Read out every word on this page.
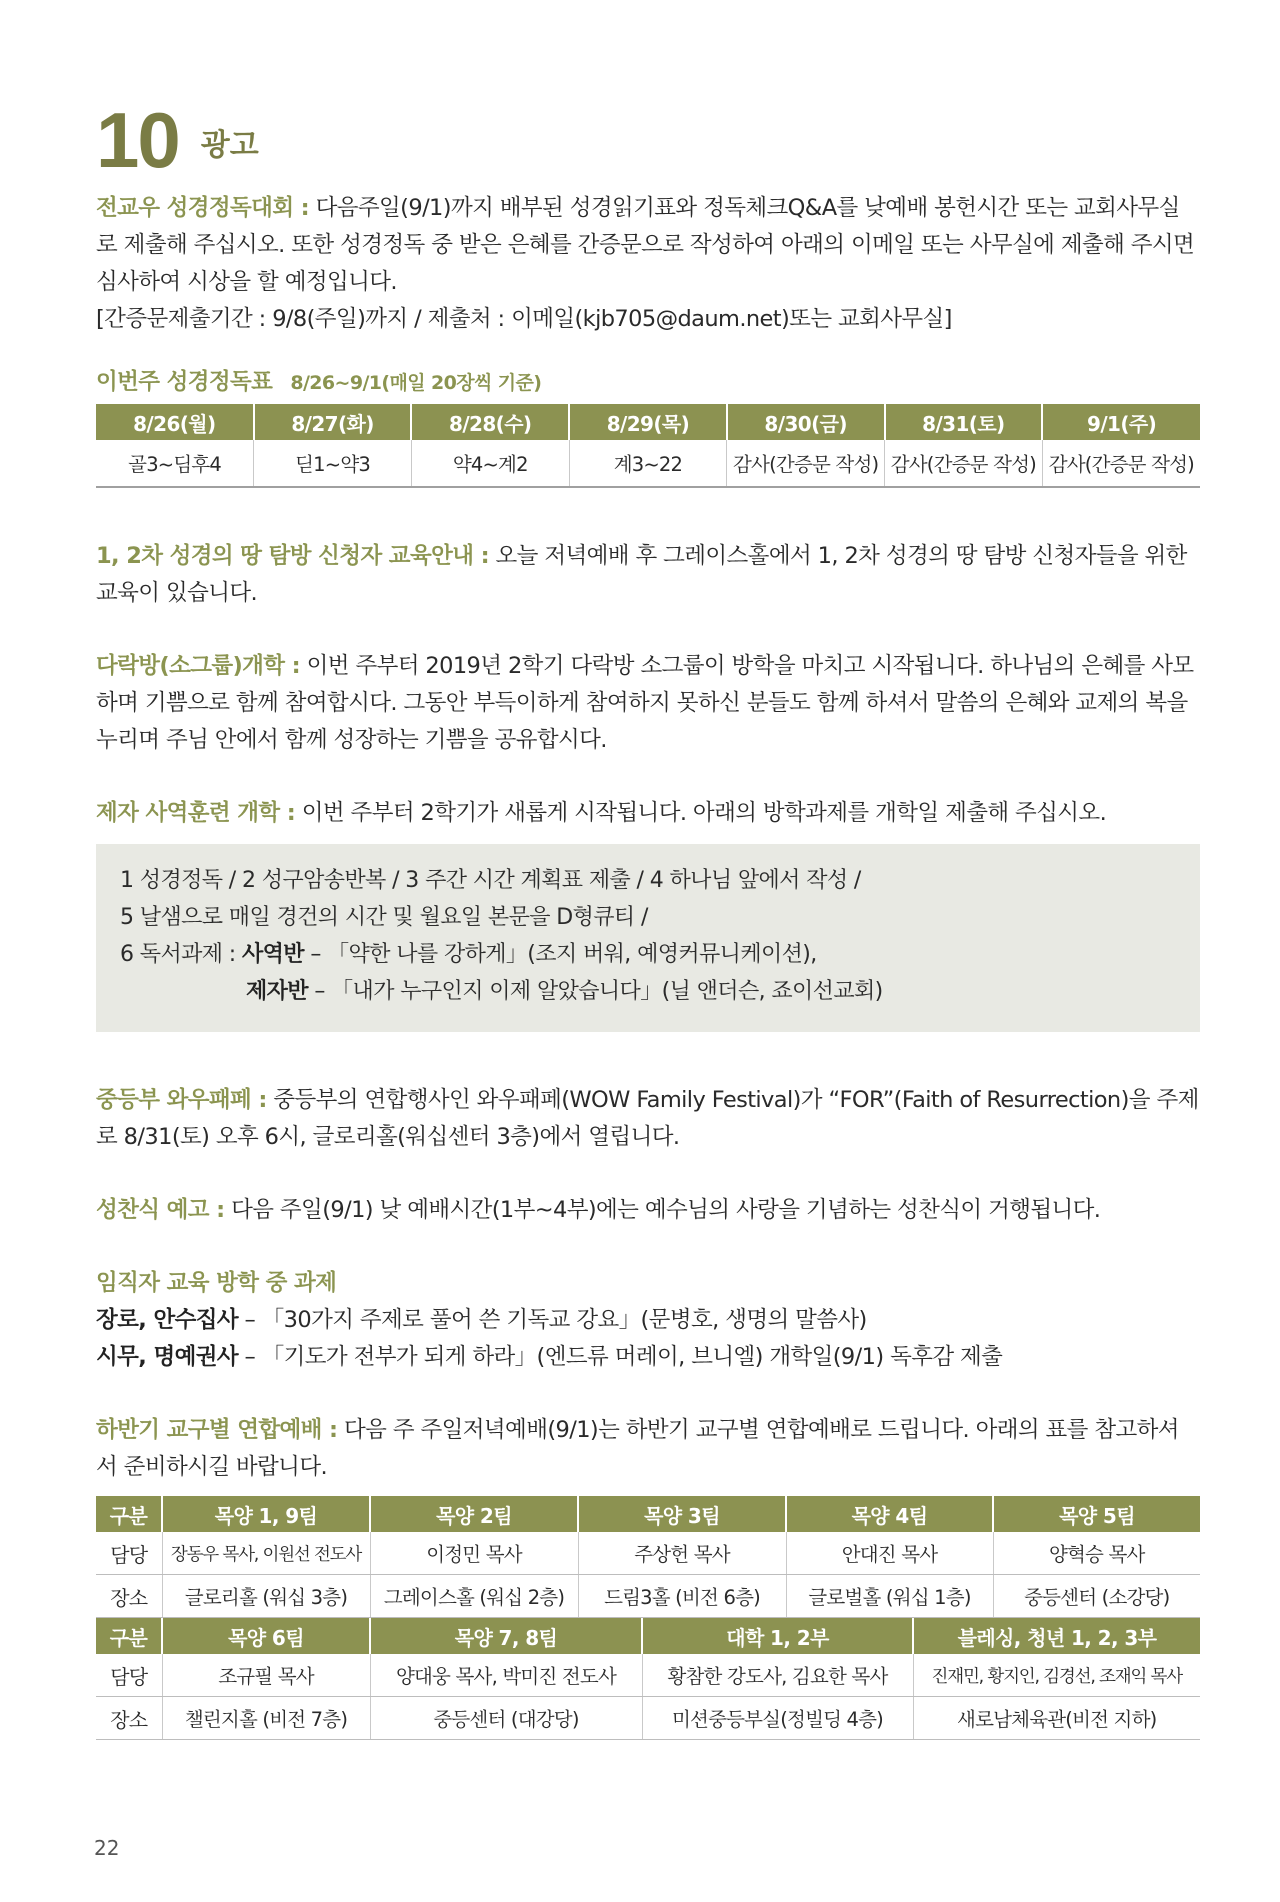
10 광고

전교우 성경정독대회 : 다음주일(9/1)까지 배부된 성경읽기표와 정독체크Q&A를 낮예배 봉헌시간 또는 교회사무실로 제출해 주십시오. 또한 성경정독 중 받은 은혜를 간증문으로 작성하여 아래의 이메일 또는 사무실에 제출해 주시면 심사하여 시상을 할 예정입니다.

[간증문제출기간 : 9/8(주일)까지 / 제출처 : 이메일(kjb705@daum.net)또는 교회사무실]

이번주 성경정독표 8/26~9/1(매일 20장씩 기준)
8/26(월)	8/27(화)	8/28(수)	8/29(목)	8/30(금)	8/31(토)	9/1(주)
골3~딤후4	딛1~약3	약4~계2	계3~22	감사(간증문 작성)	감사(간증문 작성)	감사(간증문 작성)

1, 2차 성경의 땅 탐방 신청자 교육안내 : 오늘 저녁예배 후 그레이스홀에서 1, 2차 성경의 땅 탐방 신청자들을 위한 교육이 있습니다.

다락방(소그룹)개학 : 이번 주부터 2019년 2학기 다락방 소그룹이 방학을 마치고 시작됩니다. 하나님의 은혜를 사모하며 기쁨으로 함께 참여합시다. 그동안 부득이하게 참여하지 못하신 분들도 함께 하셔서 말씀의 은혜와 교제의 복을 누리며 주님 안에서 함께 성장하는 기쁨을 공유합시다.

제자 사역훈련 개학 : 이번 주부터 2학기가 새롭게 시작됩니다. 아래의 방학과제를 개학일 제출해 주십시오.

1 성경정독 / 2 성구암송반복 / 3 주간 시간 계획표 제출 / 4 하나님 앞에서 작성 /

5 날샘으로 매일 경건의 시간 및 월요일 본문을 D형큐티 /

6 독서과제 : 사역반 – 「약한 나를 강하게」(조지 버워, 예영커뮤니케이션),

제자반 – 「내가 누구인지 이제 알았습니다」(닐 앤더슨, 죠이선교회)

중등부 와우패페 : 중등부의 연합행사인 와우패페(WOW Family Festival)가 “FOR”(Faith of Resurrection)을 주제로 8/31(토) 오후 6시, 글로리홀(워십센터 3층)에서 열립니다.

성찬식 예고 : 다음 주일(9/1) 낮 예배시간(1부~4부)에는 예수님의 사랑을 기념하는 성찬식이 거행됩니다.

임직자 교육 방학 중 과제

장로, 안수집사 – 「30가지 주제로 풀어 쓴 기독교 강요」(문병호, 생명의 말씀사)

시무, 명예권사 – 「기도가 전부가 되게 하라」(엔드류 머레이, 브니엘) 개학일(9/1) 독후감 제출

하반기 교구별 연합예배 : 다음 주 주일저녁예배(9/1)는 하반기 교구별 연합예배로 드립니다. 아래의 표를 참고하셔서 준비하시길 바랍니다.

구분	목양 1, 9팀	목양 2팀	목양 3팀	목양 4팀	목양 5팀
담당	장동우 목사, 이원선 전도사	이정민 목사	주상헌 목사	안대진 목사	양혁승 목사
장소	글로리홀 (워십 3층)	그레이스홀 (워십 2층)	드림3홀 (비전 6층)	글로벌홀 (워십 1층)	중등센터 (소강당)
구분	목양 6팀	목양 7, 8팀	대학 1, 2부	블레싱, 청년 1, 2, 3부
담당	조규필 목사	양대웅 목사, 박미진 전도사	황참한 강도사, 김요한 목사	진재민, 황지인, 김경선, 조재익 목사
장소	챌린지홀 (비전 7층)	중등센터 (대강당)	미션중등부실(정빌딩 4층)	새로남체육관(비전 지하)
22
